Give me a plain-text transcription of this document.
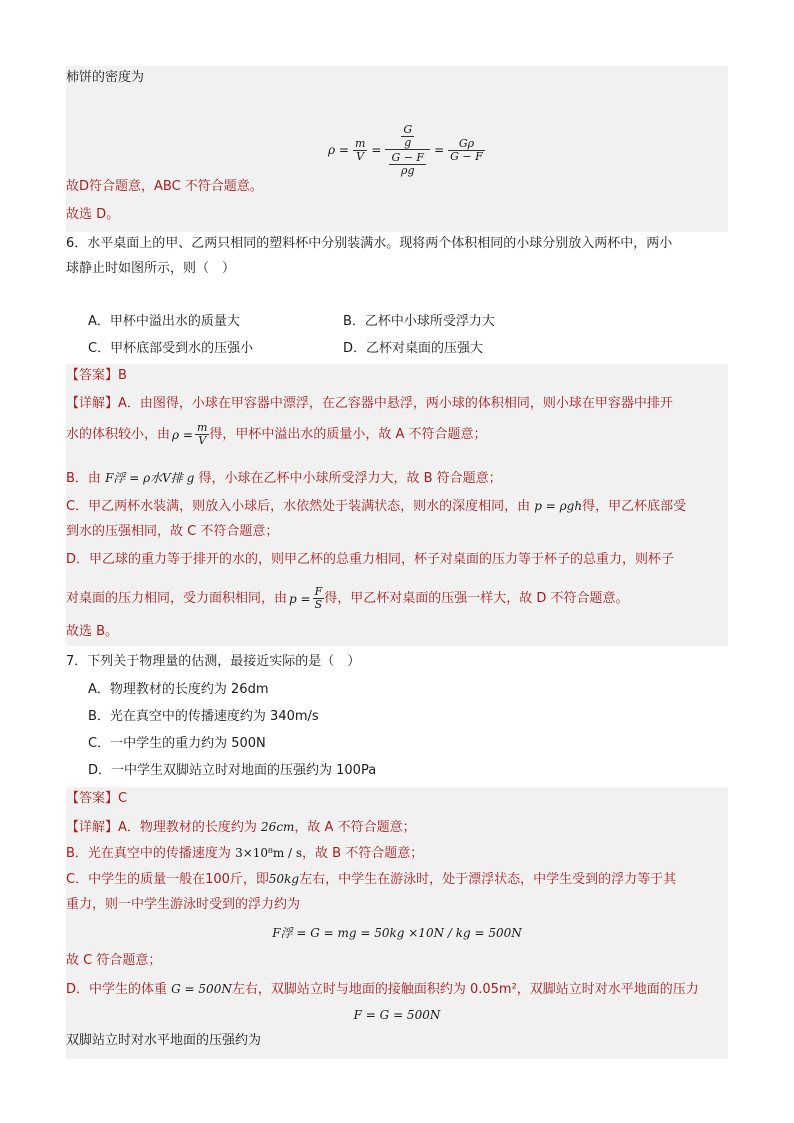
柿饼的密度为
$\rho = \frac{m}{V} = \frac{\frac{G}{g}}{\frac{G - F}{\rho g}} = \frac{G\rho}{G - F}$
故D符合题意，ABC 不符合题意。
故选 D。
6．水平桌面上的甲、乙两只相同的塑料杯中分别装满水。现将两个体积相同的小球分别放入两杯中，两小
球静止时如图所示，则（　）
A．甲杯中溢出水的质量大	B．乙杯中小球所受浮力大
C．甲杯底部受到水的压强小	D．乙杯对桌面的压强大
【答案】B
【详解】A．由图得，小球在甲容器中漂浮，在乙容器中悬浮，两小球的体积相同，则小球在甲容器中排开
水的体积较小，由 $\rho = \frac{m}{V}$ 得，甲杯中溢出水的质量小，故 A 不符合题意；
B．由 F浮 = ρ水V排 g 得，小球在乙杯中小球所受浮力大，故 B 符合题意；
C．甲乙两杯水装满，则放入小球后，水依然处于装满状态，则水的深度相同，由 p = ρgh得，甲乙杯底部受
到水的压强相同，故 C 不符合题意；
D．甲乙球的重力等于排开的水的，则甲乙杯的总重力相同，杯子对桌面的压力等于杯子的总重力，则杯子
对桌面的压力相同，受力面积相同，由 $p = \frac{F}{S}$ 得，甲乙杯对桌面的压强一样大，故 D 不符合题意。
故选 B。
7．下列关于物理量的估测，最接近实际的是（　）
A．物理教材的长度约为 26dm
B．光在真空中的传播速度约为 340m/s
C．一中学生的重力约为 500N
D．一中学生双脚站立时对地面的压强约为 100Pa
【答案】C
【详解】A．物理教材的长度约为 26cm，故 A 不符合题意；
B．光在真空中的传播速度为 3×10⁸m / s，故 B 不符合题意；
C．中学生的质量一般在100斤，即50kg左右，中学生在游泳时，处于漂浮状态，中学生受到的浮力等于其
重力，则一中学生游泳时受到的浮力约为
F浮 = G = mg = 50kg ×10N / kg = 500N
故 C 符合题意；
D．中学生的体重 G = 500N左右，双脚站立时与地面的接触面积约为 0.05m²，双脚站立时对水平地面的压力
F = G = 500N
双脚站立时对水平地面的压强约为
